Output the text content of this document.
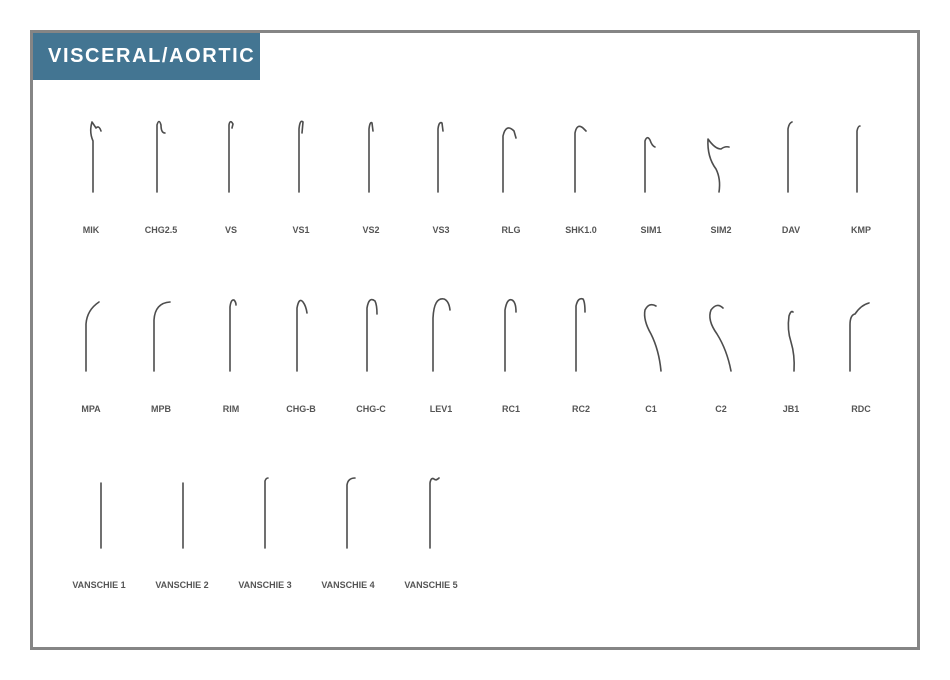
VISCERAL/AORTIC
MIK	CHG2.5	VS	VS1	VS2	VS3	RLG	SHK1.0	SIM1	SIM2	DAV	KMP
MPA	MPB	RIM	CHG-B	CHG-C	LEV1	RC1	RC2	C1	C2	JB1	RDC
VANSCHIE 1	VANSCHIE 2	VANSCHIE 3	VANSCHIE 4	VANSCHIE 5
